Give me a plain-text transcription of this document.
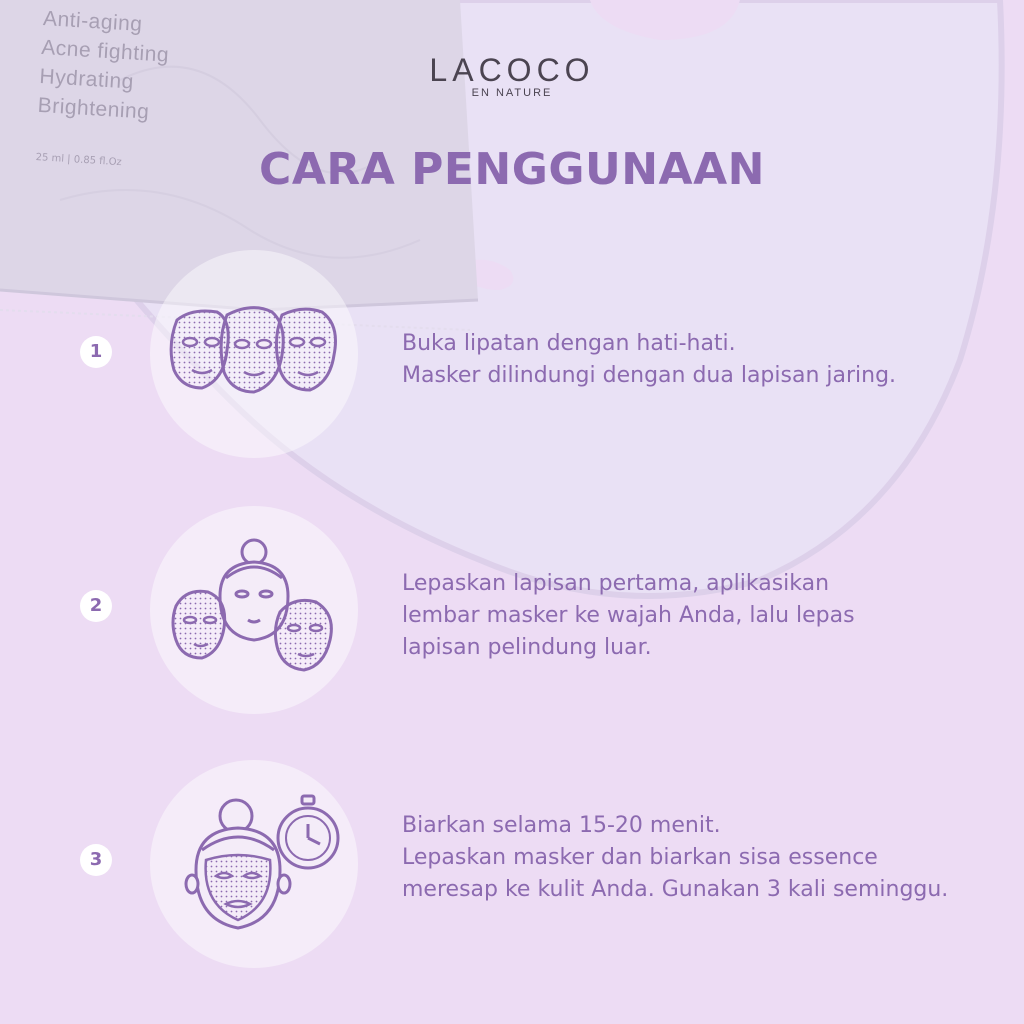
Anti-aging
Acne fighting
Hydrating
Brightening
25 ml | 0.85 fl.Oz
LACOCO
EN NATURE
CARA PENGGUNAAN
1	Buka lipatan dengan hati-hati.
Masker dilindungi dengan dua lapisan jaring.
2
Lepaskan lapisan pertama, aplikasikan
lembar masker ke wajah Anda, lalu lepas
lapisan pelindung luar.
3
Biarkan selama 15-20 menit.
Lepaskan masker dan biarkan sisa essence
meresap ke kulit Anda. Gunakan 3 kali seminggu.
